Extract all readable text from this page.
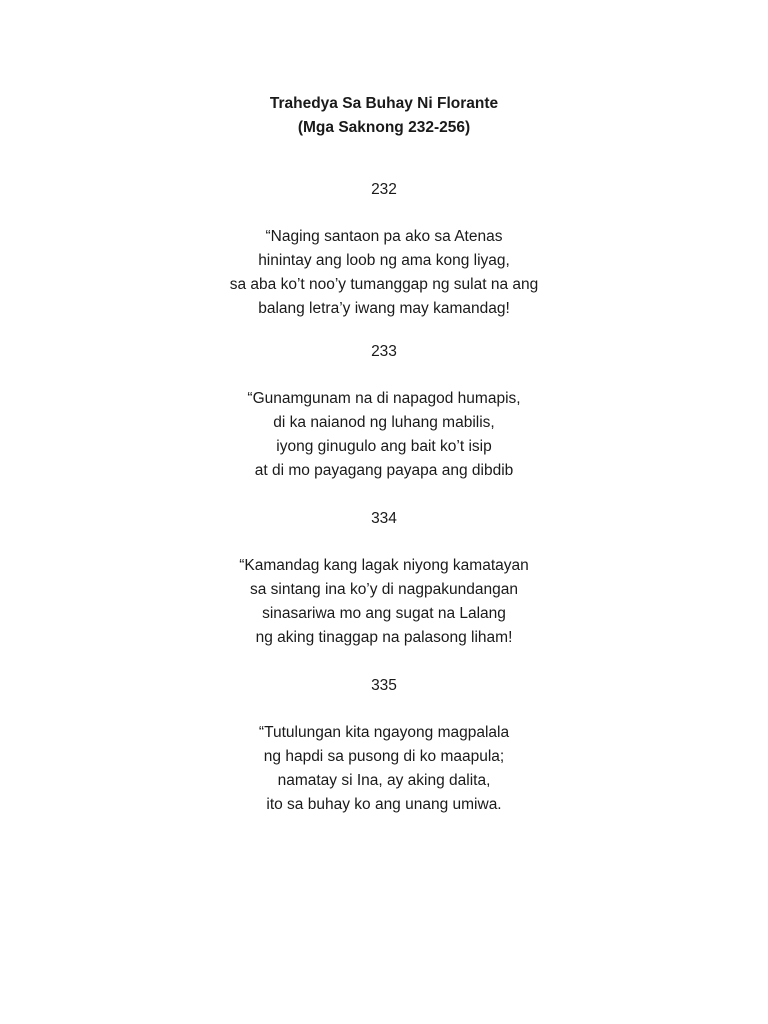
Trahedya Sa Buhay Ni Florante

(Mga Saknong 232-256)

232

“Naging santaon pa ako sa Atenas

hinintay ang loob ng ama kong liyag,

sa aba ko’t noo’y tumanggap ng sulat na ang

balang letra’y iwang may kamandag!

233

“Gunamgunam na di napagod humapis,

di ka naianod ng luhang mabilis,

iyong ginugulo ang bait ko’t isip

at di mo payagang payapa ang dibdib

334

“Kamandag kang lagak niyong kamatayan

sa sintang ina ko’y di nagpakundangan

sinasariwa mo ang sugat na Lalang

ng aking tinaggap na palasong liham!

335

“Tutulungan kita ngayong magpalala

ng hapdi sa pusong di ko maapula;

namatay si Ina, ay aking dalita,

ito sa buhay ko ang unang umiwa.
